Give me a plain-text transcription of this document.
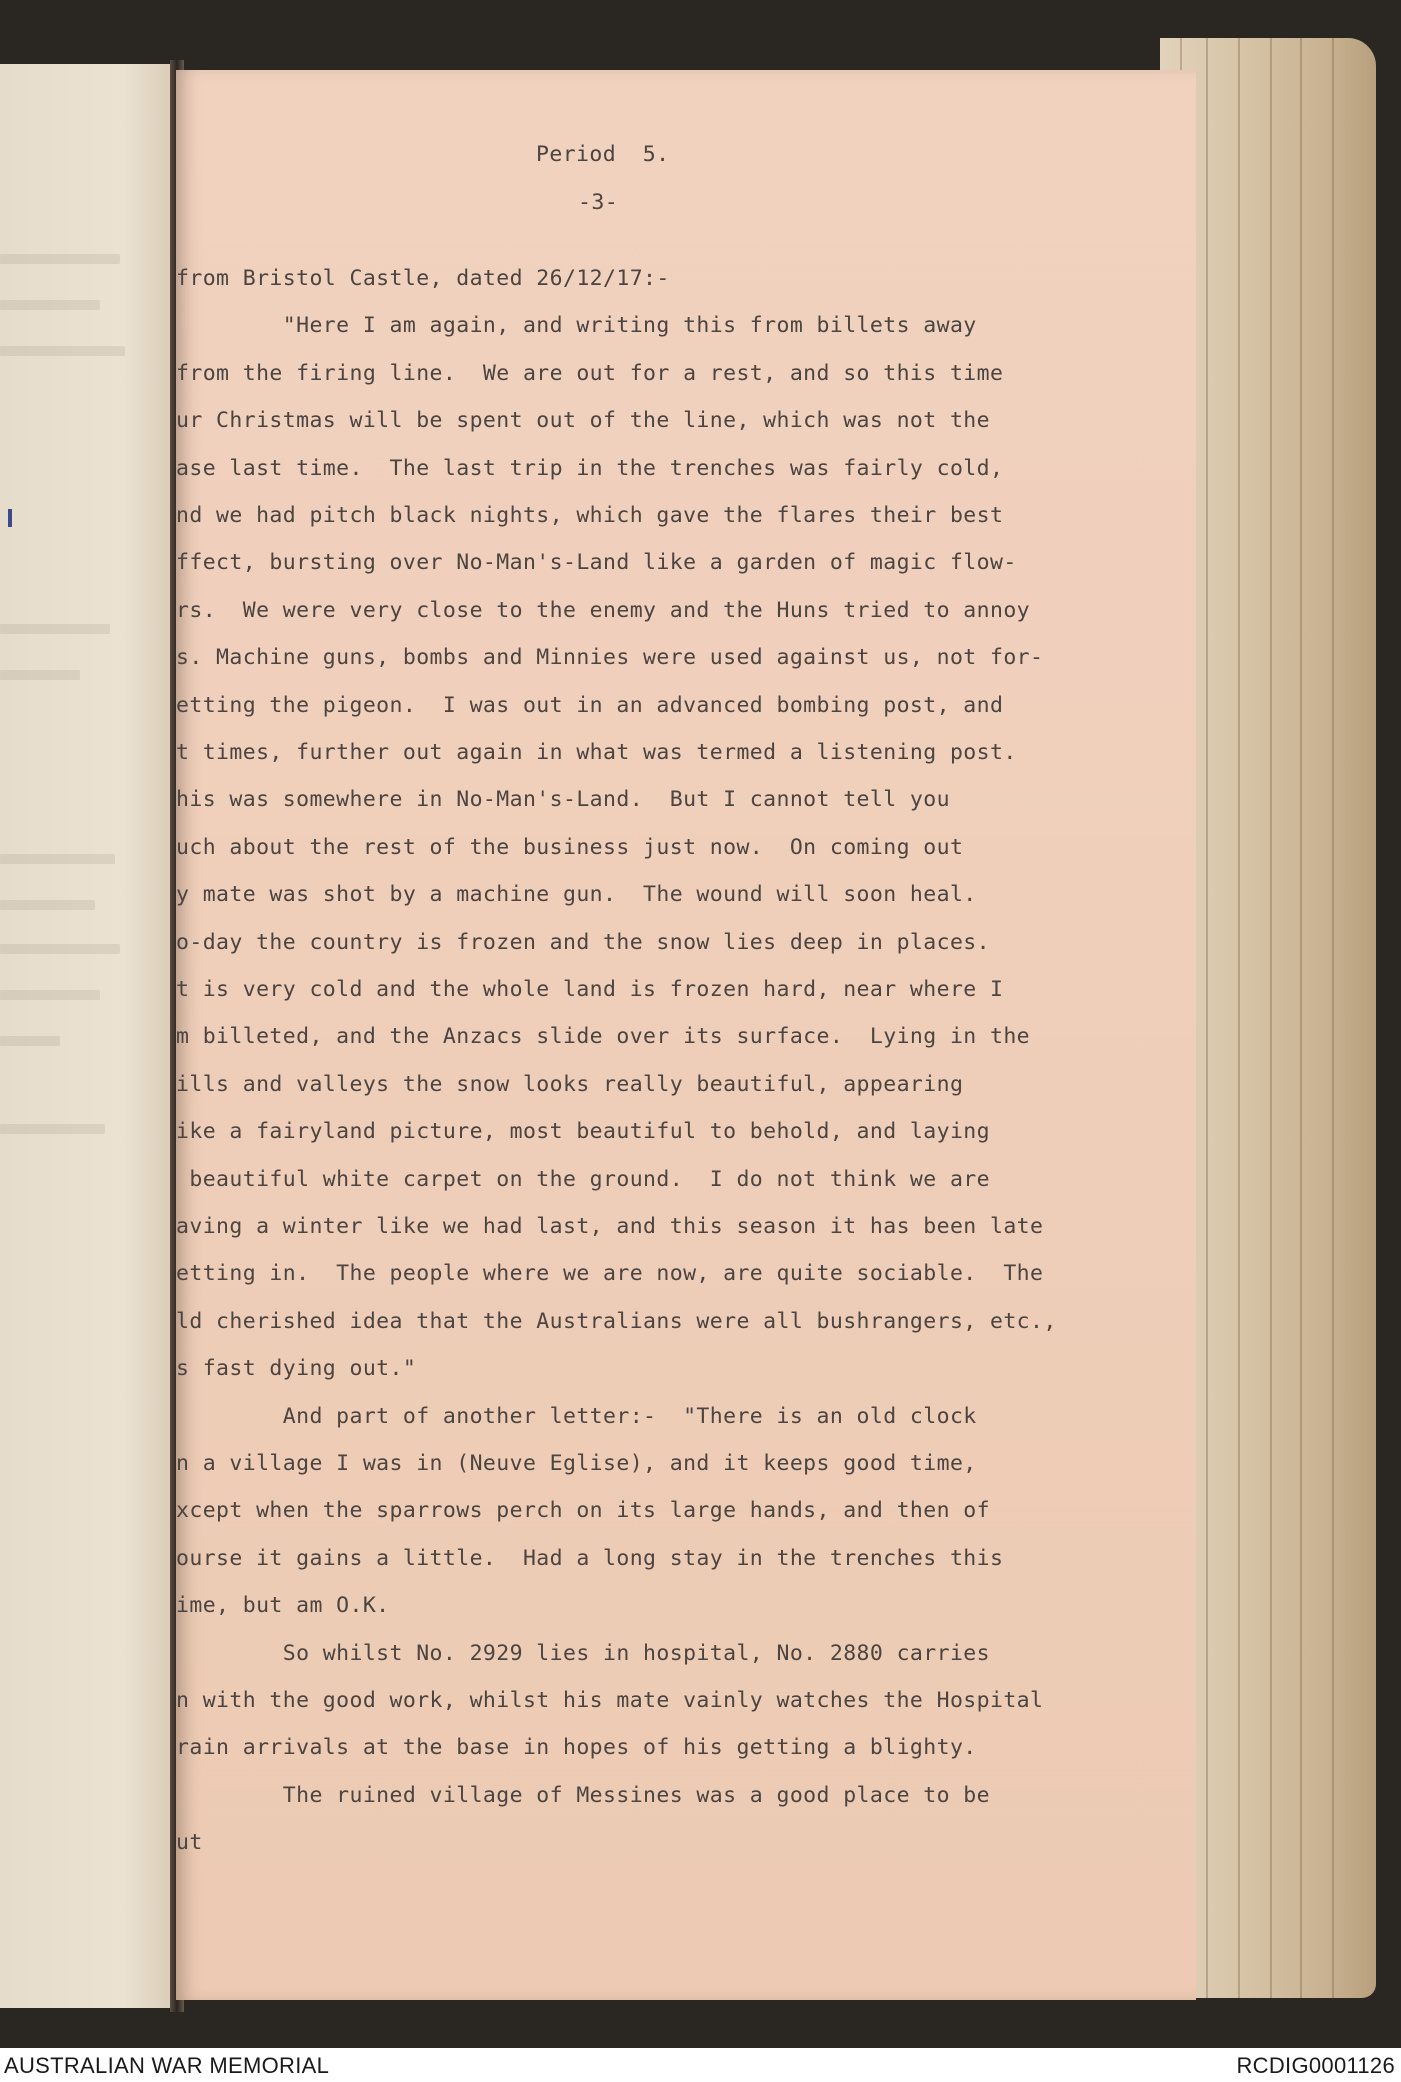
Period  5.

-3-

from Bristol Castle, dated 26/12/17:-
"Here I am again, and writing this from billets away
from the firing line.  We are out for a rest, and so this time
ur Christmas will be spent out of the line, which was not the
ase last time.  The last trip in the trenches was fairly cold,
nd we had pitch black nights, which gave the flares their best
ffect, bursting over No-Man's-Land like a garden of magic flow-
rs.  We were very close to the enemy and the Huns tried to annoy
s. Machine guns, bombs and Minnies were used against us, not for-
etting the pigeon.  I was out in an advanced bombing post, and
t times, further out again in what was termed a listening post.
his was somewhere in No-Man's-Land.  But I cannot tell you
uch about the rest of the business just now.  On coming out
y mate was shot by a machine gun.  The wound will soon heal.
o-day the country is frozen and the snow lies deep in places.
t is very cold and the whole land is frozen hard, near where I
m billeted, and the Anzacs slide over its surface.  Lying in the
ills and valleys the snow looks really beautiful, appearing
ike a fairyland picture, most beautiful to behold, and laying
beautiful white carpet on the ground.  I do not think we are
aving a winter like we had last, and this season it has been late
etting in.  The people where we are now, are quite sociable.  The
ld cherished idea that the Australians were all bushrangers, etc.,
s fast dying out."
And part of another letter:-  "There is an old clock
n a village I was in (Neuve Eglise), and it keeps good time,
xcept when the sparrows perch on its large hands, and then of
ourse it gains a little.  Had a long stay in the trenches this
ime, but am O.K.
So whilst No. 2929 lies in hospital, No. 2880 carries
n with the good work, whilst his mate vainly watches the Hospital
rain arrivals at the base in hopes of his getting a blighty.
The ruined village of Messines was a good place to be
ut

AUSTRALIAN WAR MEMORIAL	RCDIG0001126
